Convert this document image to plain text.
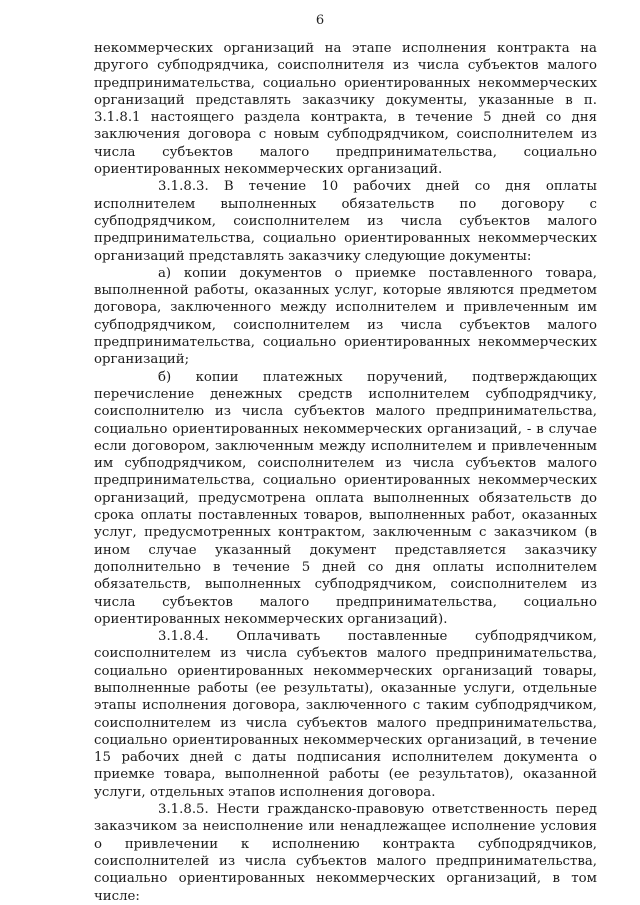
6

некоммерческих организаций на этапе исполнения контракта на другого субподрядчика, соисполнителя из числа субъектов малого предпринимательства, социально ориентированных некоммерческих организаций представлять заказчику документы, указанные в п. 3.1.8.1 настоящего раздела контракта, в течение 5 дней со дня заключения договора с новым субподрядчиком, соисполнителем из числа субъектов малого предпринимательства, социально ориентированных некоммерческих организаций.

3.1.8.3. В течение 10 рабочих дней со дня оплаты исполнителем выполненных обязательств по договору с субподрядчиком, соисполнителем из числа субъектов малого предпринимательства, социально ориентированных некоммерческих организаций представлять заказчику следующие документы:

а) копии документов о приемке поставленного товара, выполненной работы, оказанных услуг, которые являются предметом договора, заключенного между исполнителем и привлеченным им субподрядчиком, соисполнителем из числа субъектов малого предпринимательства, социально ориентированных некоммерческих организаций;

б) копии платежных поручений, подтверждающих перечисление денежных средств исполнителем субподрядчику, соисполнителю из числа субъектов малого предпринимательства, социально ориентированных некоммерческих организаций, - в случае если договором, заключенным между исполнителем и привлеченным им субподрядчиком, соисполнителем из числа субъектов малого предпринимательства, социально ориентированных некоммерческих организаций, предусмотрена оплата выполненных обязательств до срока оплаты поставленных товаров, выполненных работ, оказанных услуг, предусмотренных контрактом, заключенным с заказчиком (в ином случае указанный документ представляется заказчику дополнительно в течение 5 дней со дня оплаты исполнителем обязательств, выполненных субподрядчиком, соисполнителем из числа субъектов малого предпринимательства, социально ориентированных некоммерческих организаций).

3.1.8.4. Оплачивать поставленные субподрядчиком, соисполнителем из числа субъектов малого предпринимательства, социально ориентированных некоммерческих организаций товары, выполненные работы (ее результаты), оказанные услуги, отдельные этапы исполнения договора, заключенного с таким субподрядчиком, соисполнителем из числа субъектов малого предпринимательства, социально ориентированных некоммерческих организаций, в течение 15 рабочих дней с даты подписания исполнителем документа о приемке товара, выполненной работы (ее результатов), оказанной услуги, отдельных этапов исполнения договора.

3.1.8.5. Нести гражданско-правовую ответственность перед заказчиком за неисполнение или ненадлежащее исполнение условия о привлечении к исполнению контракта субподрядчиков, соисполнителей из числа субъектов малого предпринимательства, социально ориентированных некоммерческих организаций, в том числе:
